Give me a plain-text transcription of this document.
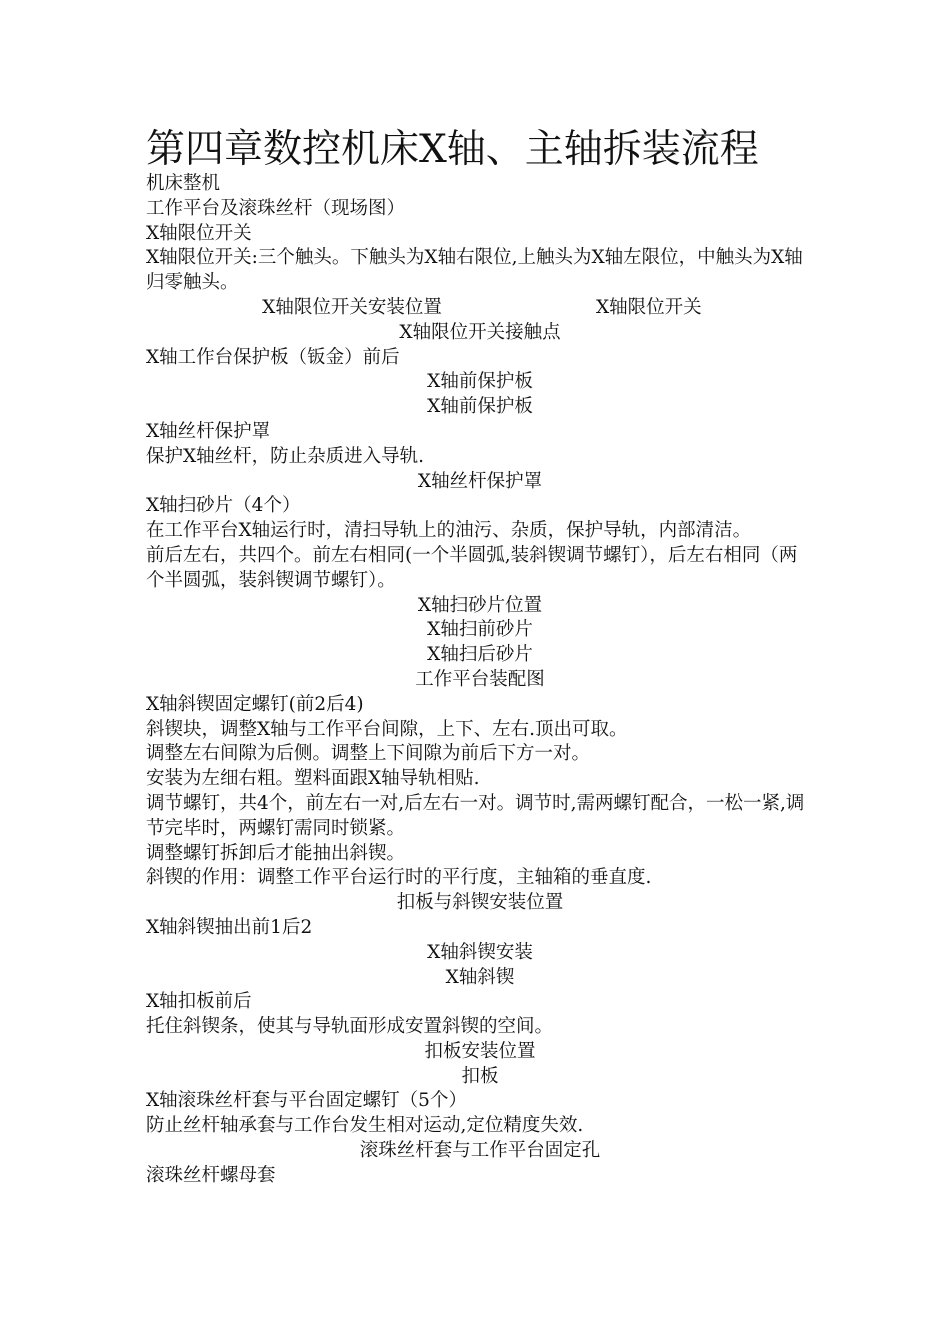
第四章数控机床X轴、主轴拆装流程
机床整机
工作平台及滚珠丝杆（现场图）
X轴限位开关
X轴限位开关:三个触头。下触头为X轴右限位,上触头为X轴左限位，中触头为X轴归零触头。
X轴限位开关安装位置	X轴限位开关
X轴限位开关接触点
X轴工作台保护板（钣金）前后
X轴前保护板
X轴前保护板
X轴丝杆保护罩
保护X轴丝杆，防止杂质进入导轨.
X轴丝杆保护罩
X轴扫砂片（4个）
在工作平台X轴运行时，清扫导轨上的油污、杂质，保护导轨，内部清洁。
前后左右，共四个。前左右相同(一个半圆弧,装斜锲调节螺钉），后左右相同（两个半圆弧，装斜锲调节螺钉）。
X轴扫砂片位置
X轴扫前砂片
X轴扫后砂片
工作平台装配图
X轴斜锲固定螺钉(前2后4)
斜锲块，调整X轴与工作平台间隙，上下、左右.顶出可取。
调整左右间隙为后侧。调整上下间隙为前后下方一对。
安装为左细右粗。塑料面跟X轴导轨相贴.
调节螺钉，共4个，前左右一对,后左右一对。调节时,需两螺钉配合，一松一紧,调节完毕时，两螺钉需同时锁紧。
调整螺钉拆卸后才能抽出斜锲。
斜锲的作用：调整工作平台运行时的平行度，主轴箱的垂直度.
扣板与斜锲安装位置
X轴斜锲抽出前1后2
X轴斜锲安装
X轴斜锲
X轴扣板前后
托住斜锲条，使其与导轨面形成安置斜锲的空间。
扣板安装位置
扣板
X轴滚珠丝杆套与平台固定螺钉（5个）
防止丝杆轴承套与工作台发生相对运动,定位精度失效.
滚珠丝杆套与工作平台固定孔
滚珠丝杆螺母套
